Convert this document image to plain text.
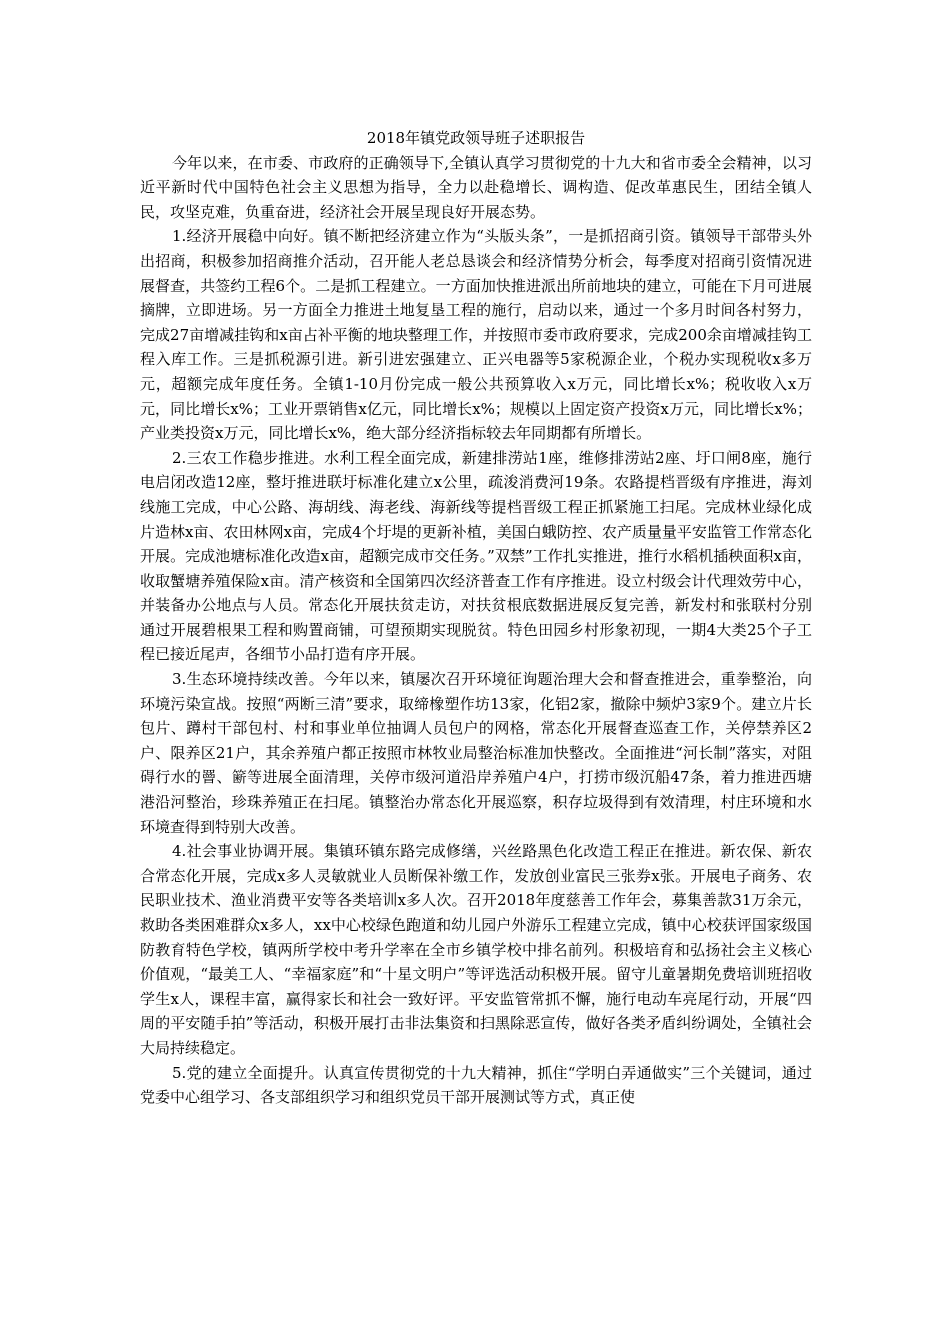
2018年镇党政领导班子述职报告

今年以来，在市委、市政府的正确领导下,全镇认真学习贯彻党的十九大和省市委全会精神，以习近平新时代中国特色社会主义思想为指导，全力以赴稳增长、调构造、促改革惠民生，团结全镇人民，攻坚克难，负重奋进，经济社会开展呈现良好开展态势。

1.经济开展稳中向好。镇不断把经济建立作为“头版头条”，一是抓招商引资。镇领导干部带头外出招商，积极参加招商推介活动，召开能人老总恳谈会和经济情势分析会，每季度对招商引资情况进展督查，共签约工程6个。二是抓工程建立。一方面加快推进派出所前地块的建立，可能在下月可进展摘牌，立即进场。另一方面全力推进土地复垦工程的施行，启动以来，通过一个多月时间各村努力，完成27亩增减挂钩和x亩占补平衡的地块整理工作，并按照市委市政府要求，完成200余亩增减挂钩工程入库工作。三是抓税源引进。新引进宏强建立、正兴电器等5家税源企业，个税办实现税收x多万元，超额完成年度任务。全镇1-10月份完成一般公共预算收入x万元，同比增长x%；税收收入x万元，同比增长x%；工业开票销售x亿元，同比增长x%；规模以上固定资产投资x万元，同比增长x%；产业类投资x万元，同比增长x%，绝大部分经济指标较去年同期都有所增长。

2.三农工作稳步推进。水利工程全面完成，新建排涝站1座，维修排涝站2座、圩口闸8座，施行电启闭改造12座，整圩推进联圩标准化建立x公里，疏浚消费河19条。农路提档晋级有序推进，海刘线施工完成，中心公路、海胡线、海老线、海新线等提档晋级工程正抓紧施工扫尾。完成林业绿化成片造林x亩、农田林网x亩，完成4个圩堤的更新补植，美国白蛾防控、农产质量量平安监管工作常态化开展。完成池塘标准化改造x亩，超额完成市交任务。”双禁”工作扎实推进，推行水稻机插秧面积x亩，收取蟹塘养殖保险x亩。清产核资和全国第四次经济普查工作有序推进。设立村级会计代理效劳中心，并装备办公地点与人员。常态化开展扶贫走访，对扶贫根底数据进展反复完善，新发村和张联村分别通过开展碧根果工程和购置商铺，可望预期实现脱贫。特色田园乡村形象初现，一期4大类25个子工程已接近尾声，各细节小品打造有序开展。

3.生态环境持续改善。今年以来，镇屡次召开环境征询题治理大会和督查推进会，重拳整治，向环境污染宣战。按照“两断三清”要求，取缔橡塑作坊13家，化铝2家，撤除中频炉3家9个。建立片长包片、蹲村干部包村、村和事业单位抽调人员包户的网格，常态化开展督查巡查工作，关停禁养区2户、限养区21户，其余养殖户都正按照市林牧业局整治标准加快整改。全面推进“河长制”落实，对阻碍行水的罾、簖等进展全面清理，关停市级河道沿岸养殖户4户，打捞市级沉船47条，着力推进西塘港沿河整治，珍珠养殖正在扫尾。镇整治办常态化开展巡察，积存垃圾得到有效清理，村庄环境和水环境查得到特别大改善。

4.社会事业协调开展。集镇环镇东路完成修缮，兴丝路黑色化改造工程正在推进。新农保、新农合常态化开展，完成x多人灵敏就业人员断保补缴工作，发放创业富民三张券x张。开展电子商务、农民职业技术、渔业消费平安等各类培训x多人次。召开2018年度慈善工作年会，募集善款31万余元，救助各类困难群众x多人，xx中心校绿色跑道和幼儿园户外游乐工程建立完成，镇中心校获评国家级国防教育特色学校，镇两所学校中考升学率在全市乡镇学校中排名前列。积极培育和弘扬社会主义核心价值观，“最美工人、“幸福家庭”和“十星文明户”等评选活动积极开展。留守儿童暑期免费培训班招收学生x人，课程丰富，赢得家长和社会一致好评。平安监管常抓不懈，施行电动车亮尾行动，开展“四周的平安随手拍”等活动，积极开展打击非法集资和扫黑除恶宣传，做好各类矛盾纠纷调处，全镇社会大局持续稳定。

5.党的建立全面提升。认真宣传贯彻党的十九大精神，抓住“学明白弄通做实”三个关键词，通过党委中心组学习、各支部组织学习和组织党员干部开展测试等方式，真正使
